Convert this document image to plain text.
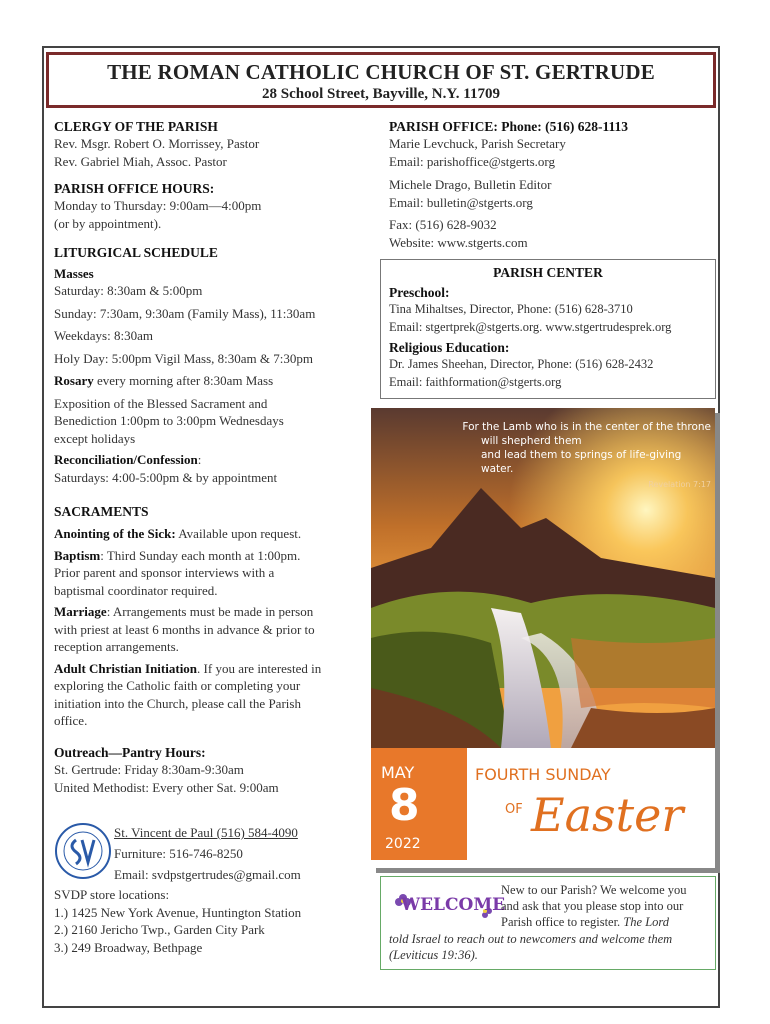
THE ROMAN CATHOLIC CHURCH OF ST. GERTRUDE
28 School Street, Bayville, N.Y. 11709
CLERGY OF THE PARISH
Rev. Msgr. Robert O. Morrissey, Pastor
Rev. Gabriel Miah, Assoc. Pastor
PARISH OFFICE HOURS:
Monday to Thursday: 9:00am—4:00pm
(or by appointment).
LITURGICAL SCHEDULE
Masses
Saturday: 8:30am & 5:00pm
Sunday: 7:30am, 9:30am (Family Mass), 11:30am
Weekdays: 8:30am
Holy Day: 5:00pm Vigil Mass, 8:30am & 7:30pm
Rosary every morning after 8:30am Mass
Exposition of the Blessed Sacrament and
Benediction 1:00pm to 3:00pm Wednesdays
except holidays
Reconciliation/Confession:
Saturdays: 4:00-5:00pm & by appointment
SACRAMENTS
Anointing of the Sick: Available upon request.
Baptism: Third Sunday each month at 1:00pm.
Prior parent and sponsor interviews with a
baptismal coordinator required.
Marriage: Arrangements must be made in person
with priest at least 6 months in advance & prior to
reception arrangements.
Adult Christian Initiation. If you are interested in
exploring the Catholic faith or completing your
initiation into the Church, please call the Parish
office.
Outreach—Pantry Hours:
St. Gertrude: Friday 8:30am-9:30am
United Methodist: Every other Sat. 9:00am
St. Vincent de Paul (516) 584-4090
Furniture: 516-746-8250
Email: svdpstgertrudes@gmail.com
SVDP store locations:
1.) 1425 New York Avenue, Huntington Station
2.) 2160 Jericho Twp., Garden City Park
3.) 249 Broadway, Bethpage
PARISH OFFICE: Phone: (516) 628-1113
Marie Levchuck, Parish Secretary
Email: parishoffice@stgerts.org
Michele Drago, Bulletin Editor
Email: bulletin@stgerts.org
Fax: (516) 628-9032
Website: www.stgerts.com
PARISH CENTER
Preschool:
Tina Mihaltses, Director, Phone: (516) 628-3710
Email: stgertprek@stgerts.org. www.stgertrudesprek.org
Religious Education:
Dr. James Sheehan, Director, Phone: (516) 628-2432
Email: faithformation@stgerts.org
For the Lamb who is in the center of the throne
will shepherd them
and lead them to springs of life-giving water.
Revelation 7:17
MAY
8
2022
FOURTH SUNDAY
OF Easter
WELCOME
New to our Parish? We welcome you
and ask that you please stop into our
Parish office to register. The Lord
told Israel to reach out to newcomers and welcome them
(Leviticus 19:36).
